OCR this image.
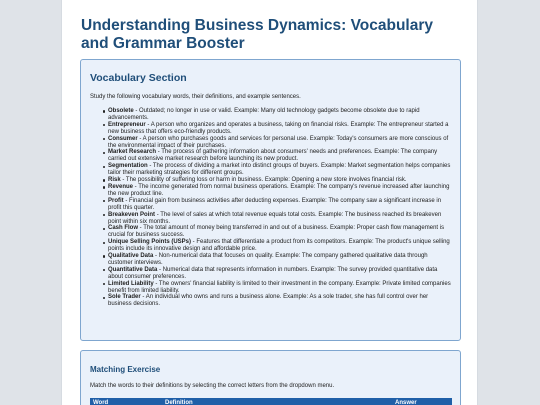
Understanding Business Dynamics: Vocabulary and Grammar Booster
Vocabulary Section

Study the following vocabulary words, their definitions, and example sentences.

Obsolete - Outdated; no longer in use or valid. Example: Many old technology gadgets become obsolete due to rapid advancements.
Entrepreneur - A person who organizes and operates a business, taking on financial risks. Example: The entrepreneur started a new business that offers eco-friendly products.
Consumer - A person who purchases goods and services for personal use. Example: Today's consumers are more conscious of the environmental impact of their purchases.
Market Research - The process of gathering information about consumers' needs and preferences. Example: The company carried out extensive market research before launching its new product.
Segmentation - The process of dividing a market into distinct groups of buyers. Example: Market segmentation helps companies tailor their marketing strategies for different groups.
Risk - The possibility of suffering loss or harm in business. Example: Opening a new store involves financial risk.
Revenue - The income generated from normal business operations. Example: The company's revenue increased after launching the new product line.
Profit - Financial gain from business activities after deducting expenses. Example: The company saw a significant increase in profit this quarter.
Breakeven Point - The level of sales at which total revenue equals total costs. Example: The business reached its breakeven point within six months.
Cash Flow - The total amount of money being transferred in and out of a business. Example: Proper cash flow management is crucial for business success.
Unique Selling Points (USPs) - Features that differentiate a product from its competitors. Example: The product's unique selling points include its innovative design and affordable price.
Qualitative Data - Non-numerical data that focuses on quality. Example: The company gathered qualitative data through customer interviews.
Quantitative Data - Numerical data that represents information in numbers. Example: The survey provided quantitative data about consumer preferences.
Limited Liability - The owners' financial liability is limited to their investment in the company. Example: Private limited companies benefit from limited liability.
Sole Trader - An individual who owns and runs a business alone. Example: As a sole trader, she has full control over her business decisions.
Matching Exercise

Match the words to their definitions by selecting the correct letters from the dropdown menu.

Word	Definition	Answer
